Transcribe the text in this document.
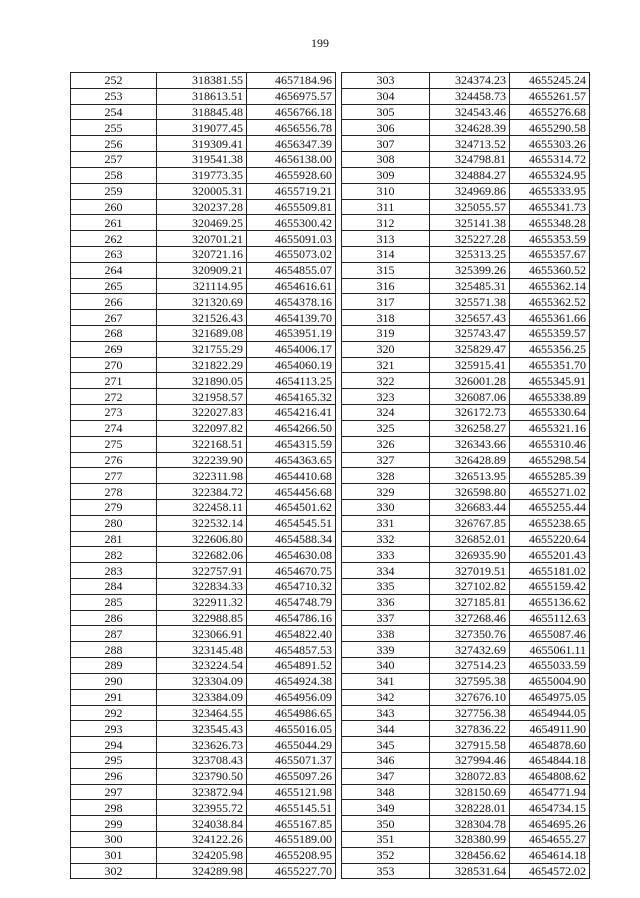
199
252	318381.55	4657184.96
253	318613.51	4656975.57
254	318845.48	4656766.18
255	319077.45	4656556.78
256	319309.41	4656347.39
257	319541.38	4656138.00
258	319773.35	4655928.60
259	320005.31	4655719.21
260	320237.28	4655509.81
261	320469.25	4655300.42
262	320701.21	4655091.03
263	320721.16	4655073.02
264	320909.21	4654855.07
265	321114.95	4654616.61
266	321320.69	4654378.16
267	321526.43	4654139.70
268	321689.08	4653951.19
269	321755.29	4654006.17
270	321822.29	4654060.19
271	321890.05	4654113.25
272	321958.57	4654165.32
273	322027.83	4654216.41
274	322097.82	4654266.50
275	322168.51	4654315.59
276	322239.90	4654363.65
277	322311.98	4654410.68
278	322384.72	4654456.68
279	322458.11	4654501.62
280	322532.14	4654545.51
281	322606.80	4654588.34
282	322682.06	4654630.08
283	322757.91	4654670.75
284	322834.33	4654710.32
285	322911.32	4654748.79
286	322988.85	4654786.16
287	323066.91	4654822.40
288	323145.48	4654857.53
289	323224.54	4654891.52
290	323304.09	4654924.38
291	323384.09	4654956.09
292	323464.55	4654986.65
293	323545.43	4655016.05
294	323626.73	4655044.29
295	323708.43	4655071.37
296	323790.50	4655097.26
297	323872.94	4655121.98
298	323955.72	4655145.51
299	324038.84	4655167.85
300	324122.26	4655189.00
301	324205.98	4655208.95
302	324289.98	4655227.70
303	324374.23	4655245.24
304	324458.73	4655261.57
305	324543.46	4655276.68
306	324628.39	4655290.58
307	324713.52	4655303.26
308	324798.81	4655314.72
309	324884.27	4655324.95
310	324969.86	4655333.95
311	325055.57	4655341.73
312	325141.38	4655348.28
313	325227.28	4655353.59
314	325313.25	4655357.67
315	325399.26	4655360.52
316	325485.31	4655362.14
317	325571.38	4655362.52
318	325657.43	4655361.66
319	325743.47	4655359.57
320	325829.47	4655356.25
321	325915.41	4655351.70
322	326001.28	4655345.91
323	326087.06	4655338.89
324	326172.73	4655330.64
325	326258.27	4655321.16
326	326343.66	4655310.46
327	326428.89	4655298.54
328	326513.95	4655285.39
329	326598.80	4655271.02
330	326683.44	4655255.44
331	326767.85	4655238.65
332	326852.01	4655220.64
333	326935.90	4655201.43
334	327019.51	4655181.02
335	327102.82	4655159.42
336	327185.81	4655136.62
337	327268.46	4655112.63
338	327350.76	4655087.46
339	327432.69	4655061.11
340	327514.23	4655033.59
341	327595.38	4655004.90
342	327676.10	4654975.05
343	327756.38	4654944.05
344	327836.22	4654911.90
345	327915.58	4654878.60
346	327994.46	4654844.18
347	328072.83	4654808.62
348	328150.69	4654771.94
349	328228.01	4654734.15
350	328304.78	4654695.26
351	328380.99	4654655.27
352	328456.62	4654614.18
353	328531.64	4654572.02
